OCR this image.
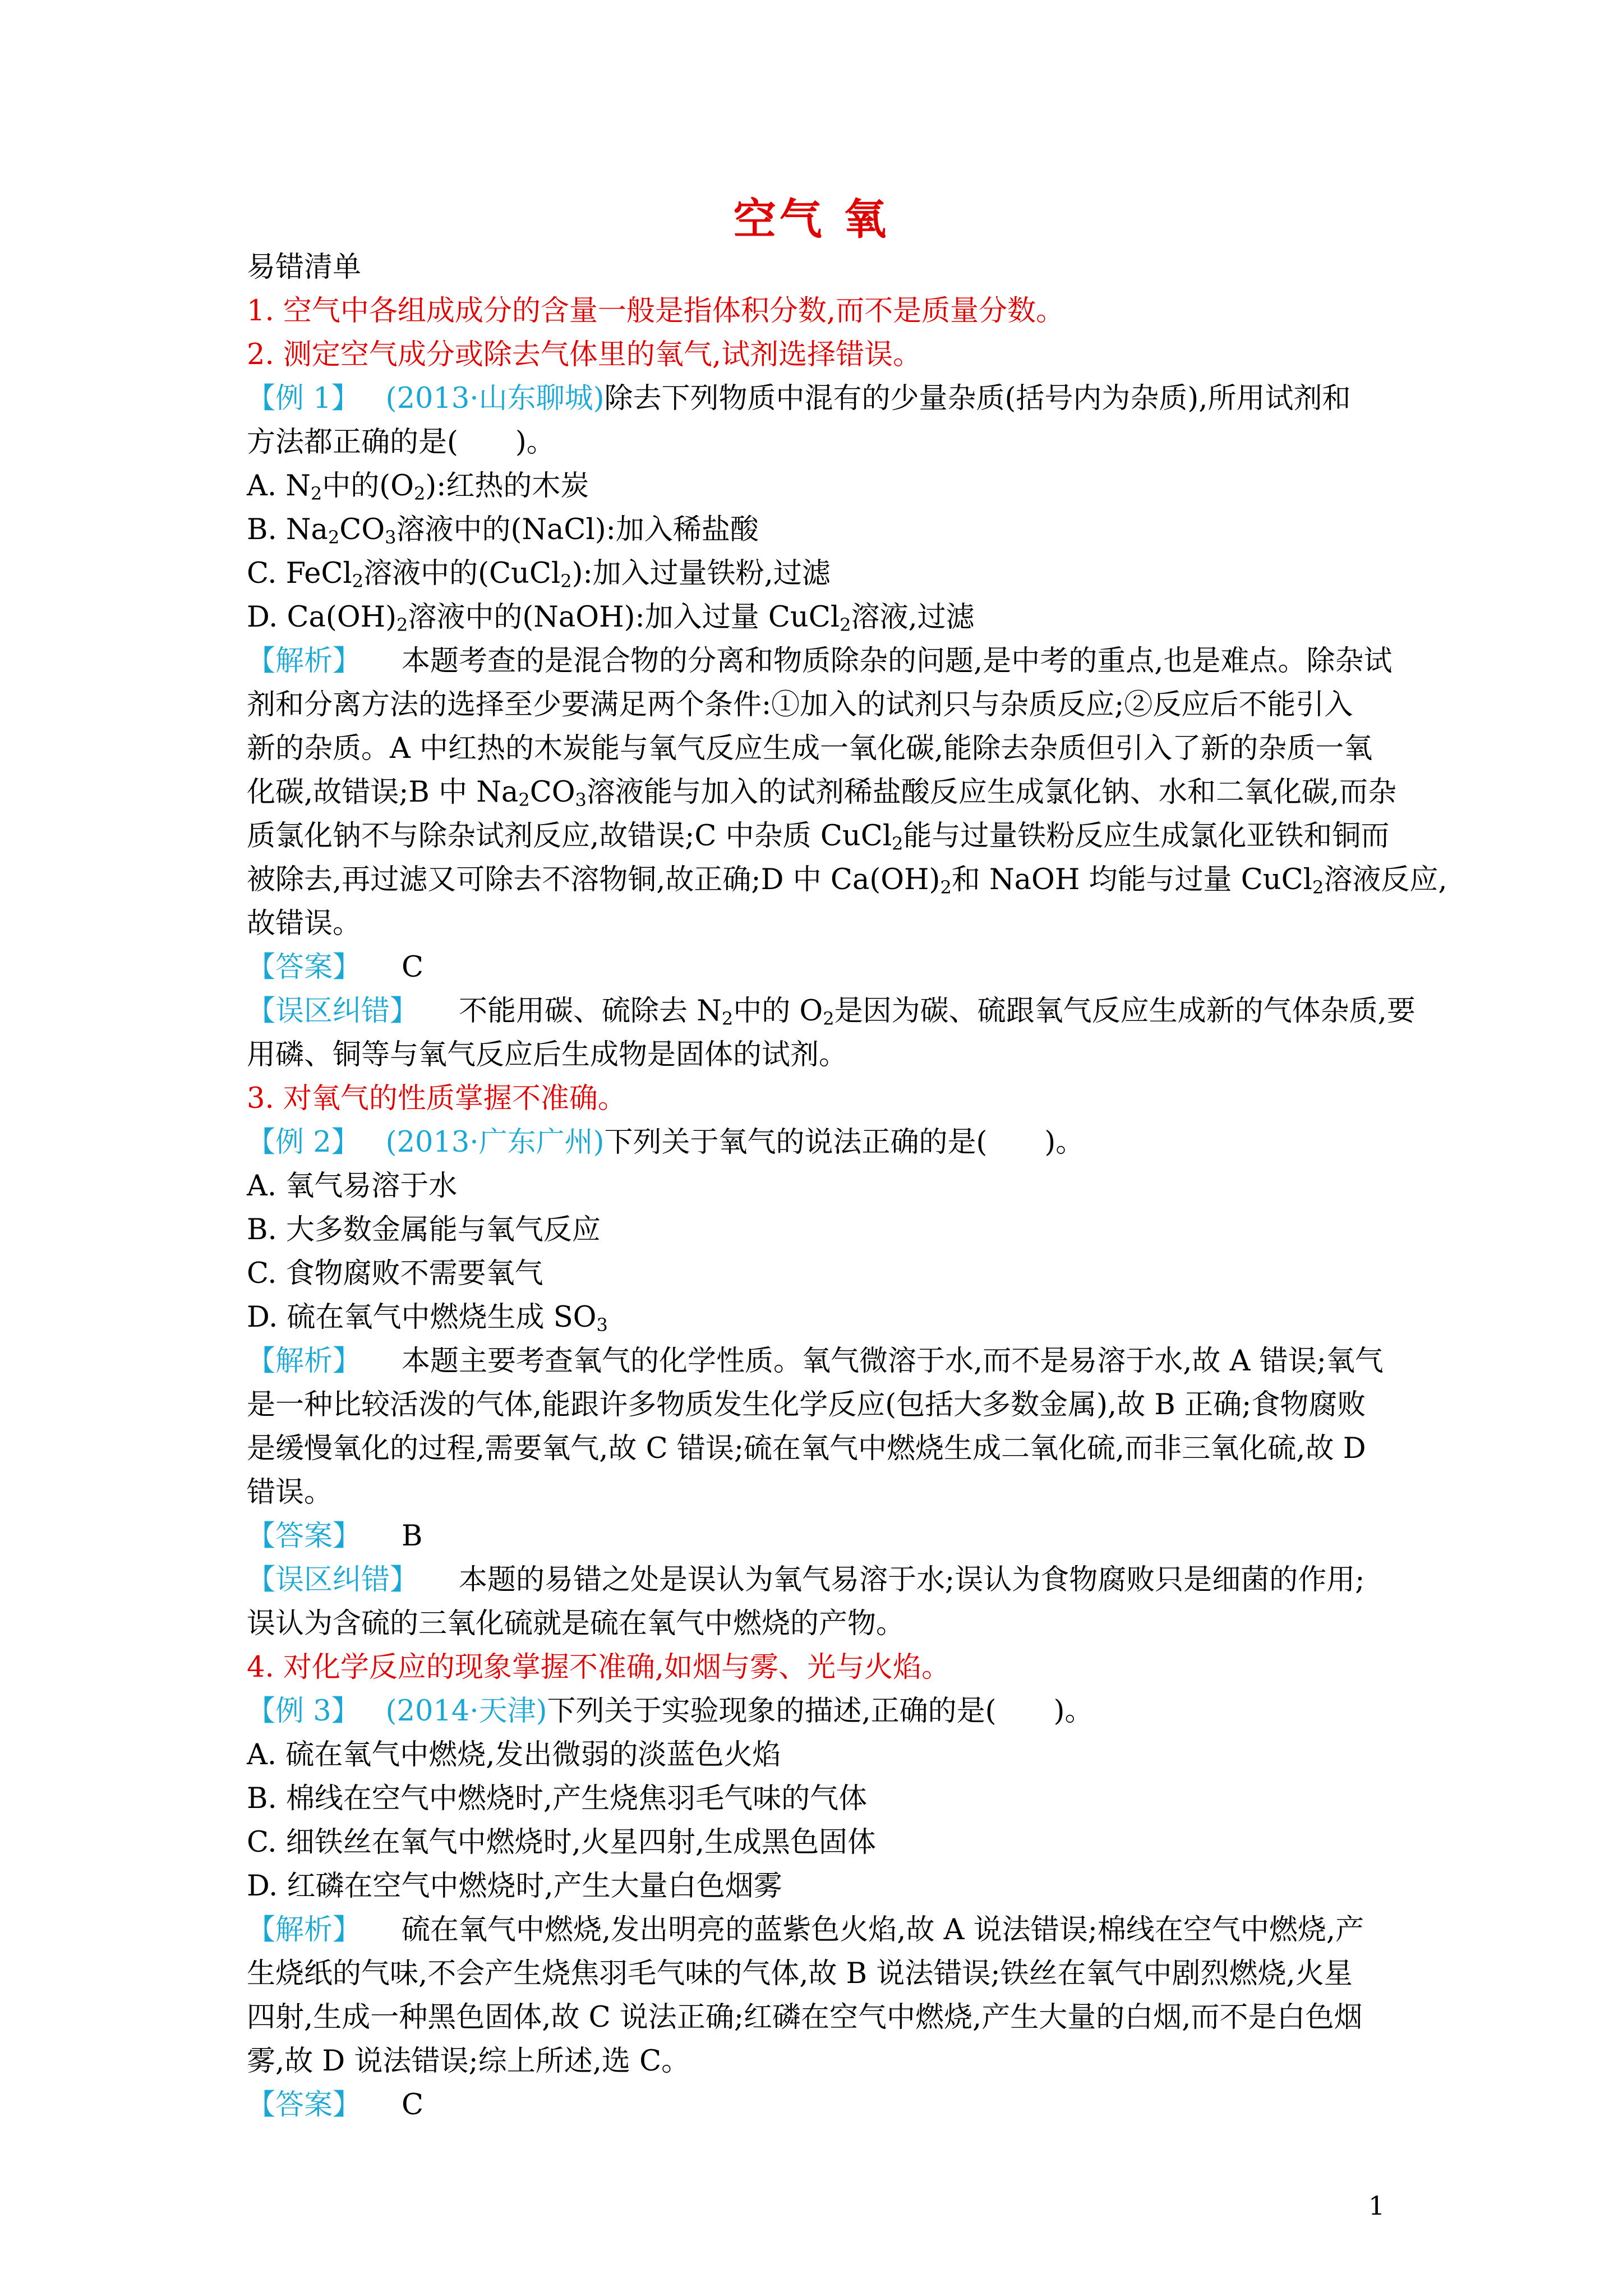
空气 氧
易错清单
1. 空气中各组成成分的含量一般是指体积分数,而不是质量分数。
2. 测定空气成分或除去气体里的氧气,试剂选择错误。
【例 1】 (2013·山东聊城)除去下列物质中混有的少量杂质(括号内为杂质),所用试剂和
方法都正确的是(　　)。
A. $N_2$中的$(O_2)$:红热的木炭
B. $Na_2CO_3$溶液中的(NaCl):加入稀盐酸
C. FeCl$_2$溶液中的(CuCl$_2$):加入过量铁粉,过滤
D. $Ca(OH)_2$溶液中的(NaOH):加入过量 CuCl$_2$溶液,过滤
【解析】 本题考查的是混合物的分离和物质除杂的问题,是中考的重点,也是难点。除杂试
剂和分离方法的选择至少要满足两个条件:①加入的试剂只与杂质反应;②反应后不能引入
新的杂质。A 中红热的木炭能与氧气反应生成一氧化碳,能除去杂质但引入了新的杂质一氧
化碳,故错误;B 中 $Na_2CO_3$溶液能与加入的试剂稀盐酸反应生成氯化钠、水和二氧化碳,而杂
质氯化钠不与除杂试剂反应,故错误;C 中杂质 CuCl$_2$能与过量铁粉反应生成氯化亚铁和铜而
被除去,再过滤又可除去不溶物铜,故正确;D 中 $Ca(OH)_2$和 NaOH 均能与过量 CuCl$_2$溶液反应,
故错误。
【答案】 C
【误区纠错】 不能用碳、硫除去 $N_2$中的 $O_2$是因为碳、硫跟氧气反应生成新的气体杂质,要
用磷、铜等与氧气反应后生成物是固体的试剂。
3. 对氧气的性质掌握不准确。
【例 2】 (2013·广东广州)下列关于氧气的说法正确的是(　　)。
A. 氧气易溶于水
B. 大多数金属能与氧气反应
C. 食物腐败不需要氧气
D. 硫在氧气中燃烧生成 $SO_3$
【解析】 本题主要考查氧气的化学性质。氧气微溶于水,而不是易溶于水,故 A 错误;氧气
是一种比较活泼的气体,能跟许多物质发生化学反应(包括大多数金属),故 B 正确;食物腐败
是缓慢氧化的过程,需要氧气,故 C 错误;硫在氧气中燃烧生成二氧化硫,而非三氧化硫,故 D
错误。
【答案】 B
【误区纠错】 本题的易错之处是误认为氧气易溶于水;误认为食物腐败只是细菌的作用;
误认为含硫的三氧化硫就是硫在氧气中燃烧的产物。
4. 对化学反应的现象掌握不准确,如烟与雾、光与火焰。
【例 3】 (2014·天津)下列关于实验现象的描述,正确的是(　　)。
A. 硫在氧气中燃烧,发出微弱的淡蓝色火焰
B. 棉线在空气中燃烧时,产生烧焦羽毛气味的气体
C. 细铁丝在氧气中燃烧时,火星四射,生成黑色固体
D. 红磷在空气中燃烧时,产生大量白色烟雾
【解析】 硫在氧气中燃烧,发出明亮的蓝紫色火焰,故 A 说法错误;棉线在空气中燃烧,产
生烧纸的气味,不会产生烧焦羽毛气味的气体,故 B 说法错误;铁丝在氧气中剧烈燃烧,火星
四射,生成一种黑色固体,故 C 说法正确;红磷在空气中燃烧,产生大量的白烟,而不是白色烟
雾,故 D 说法错误;综上所述,选 C。
【答案】 C
1
